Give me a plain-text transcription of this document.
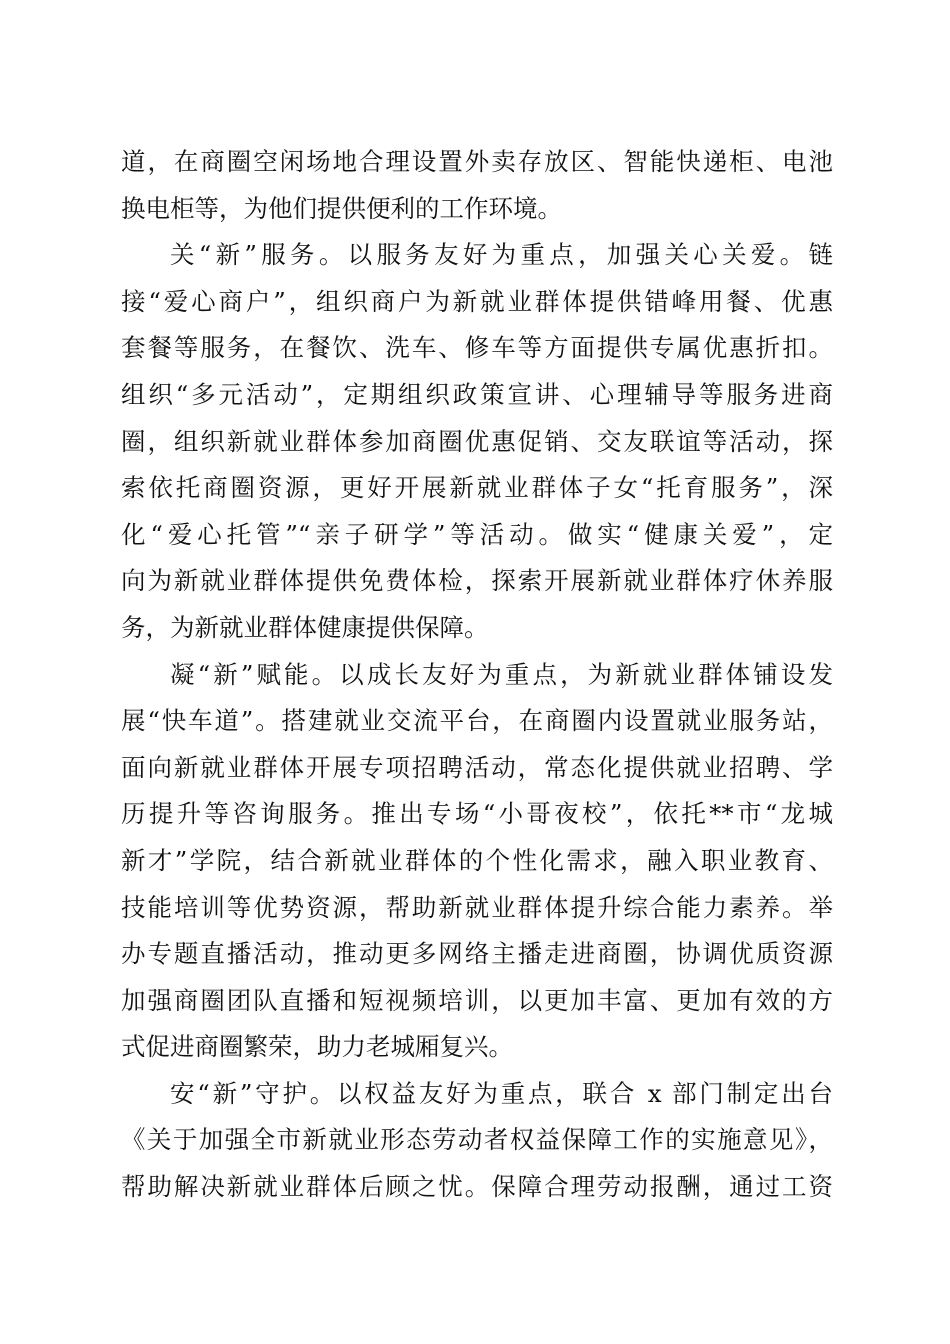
道，在商圈空闲场地合理设置外卖存放区、智能快递柜、电池
换电柜等，为他们提供便利的工作环境。
关“新”服务。以服务友好为重点，加强关心关爱。链
接“爱心商户”，组织商户为新就业群体提供错峰用餐、优惠
套餐等服务，在餐饮、洗车、修车等方面提供专属优惠折扣。
组织“多元活动”，定期组织政策宣讲、心理辅导等服务进商
圈，组织新就业群体参加商圈优惠促销、交友联谊等活动，探
索依托商圈资源，更好开展新就业群体子女“托育服务”，深
化“爱心托管”“亲子研学”等活动。做实“健康关爱”，定
向为新就业群体提供免费体检，探索开展新就业群体疗休养服
务，为新就业群体健康提供保障。
凝“新”赋能。以成长友好为重点，为新就业群体铺设发
展“快车道”。搭建就业交流平台，在商圈内设置就业服务站，
面向新就业群体开展专项招聘活动，常态化提供就业招聘、学
历提升等咨询服务。推出专场“小哥夜校”，依托**市“龙城
新才”学院，结合新就业群体的个性化需求，融入职业教育、
技能培训等优势资源，帮助新就业群体提升综合能力素养。举
办专题直播活动，推动更多网络主播走进商圈，协调优质资源
加强商圈团队直播和短视频培训，以更加丰富、更加有效的方
式促进商圈繁荣，助力老城厢复兴。
安“新”守护。以权益友好为重点，联合 x 部门制定出台
《关于加强全市新就业形态劳动者权益保障工作的实施意见》，
帮助解决新就业群体后顾之忧。保障合理劳动报酬，通过工资
